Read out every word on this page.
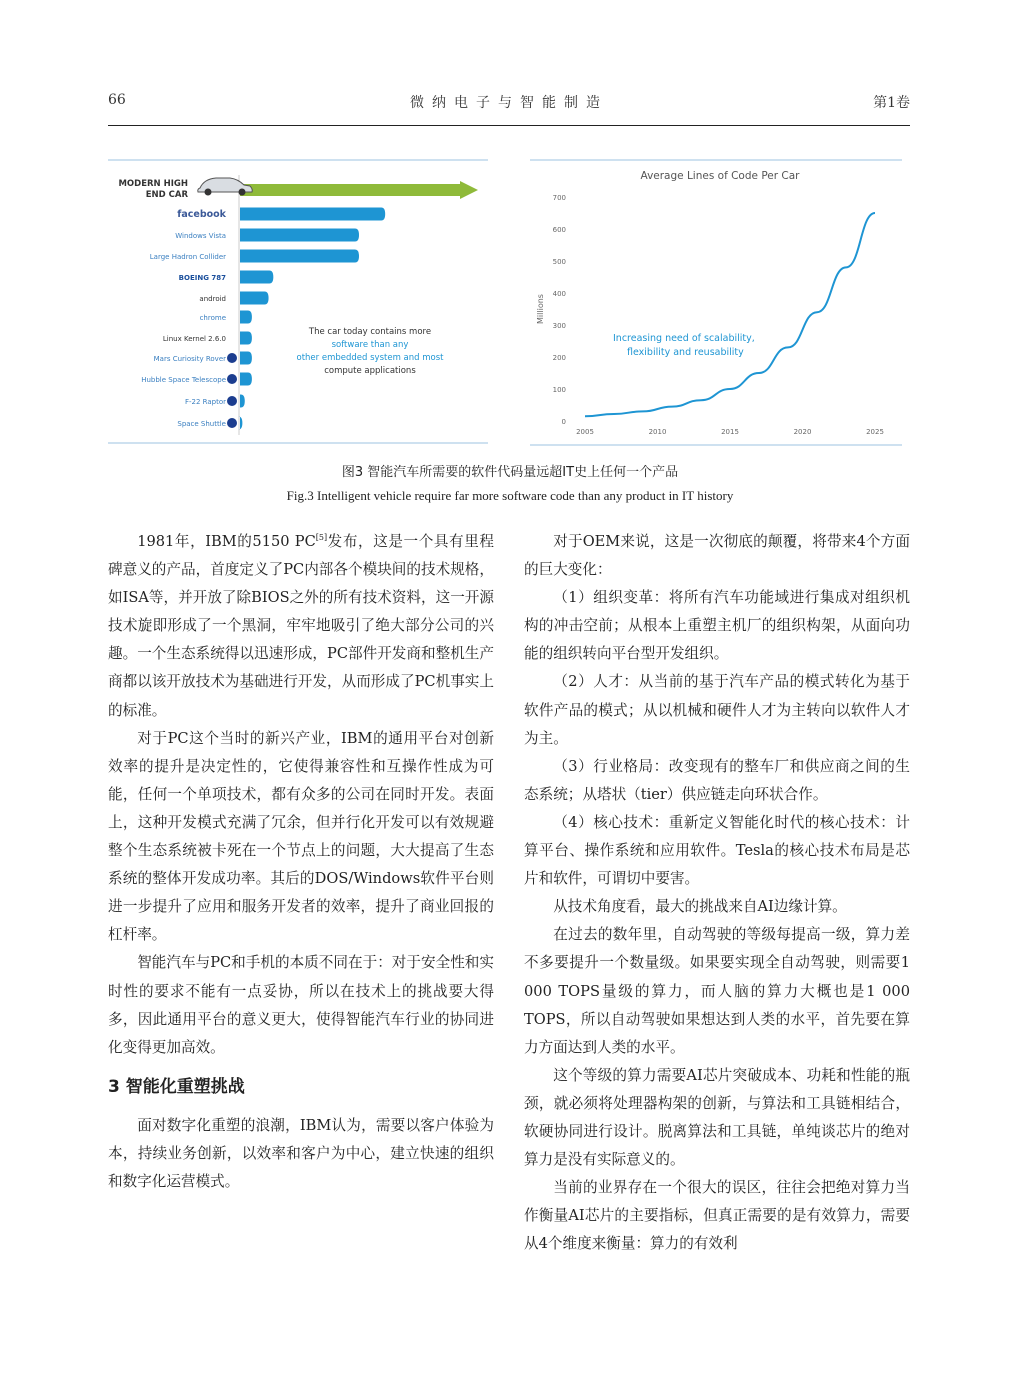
66	微纳电子与智能制造	第1卷
MODERN HIGH
END CAR
facebook
Windows Vista
Large Hadron Collider
BOEING 787
android
chrome
Linux Kernel 2.6.0
Mars Curiosity Rover
Hubble Space Telescope
F-22 Raptor
Space Shuttle
The car today contains more
software than any
other embedded system and most
compute applications
Average Lines of Code Per Car
0
100
200
300
400
500
600
700
2005	2010	2015	2020	2025
Millions
Increasing need of scalability,
flexibility and reusability
图3 智能汽车所需要的软件代码量远超IT史上任何一个产品
Fig.3 Intelligent vehicle require far more software code than any product in IT history

1981年，IBM的5150 PC[5]发布，这是一个具有里程碑意义的产品，首度定义了PC内部各个模块间的技术规格，如ISA等，并开放了除BIOS之外的所有技术资料，这一开源技术旋即形成了一个黑洞，牢牢地吸引了绝大部分公司的兴趣。一个生态系统得以迅速形成，PC部件开发商和整机生产商都以该开放技术为基础进行开发，从而形成了PC机事实上的标准。

对于PC这个当时的新兴产业，IBM的通用平台对创新效率的提升是决定性的，它使得兼容性和互操作性成为可能，任何一个单项技术，都有众多的公司在同时开发。表面上，这种开发模式充满了冗余，但并行化开发可以有效规避整个生态系统被卡死在一个节点上的问题，大大提高了生态系统的整体开发成功率。其后的DOS/Windows软件平台则进一步提升了应用和服务开发者的效率，提升了商业回报的杠杆率。

智能汽车与PC和手机的本质不同在于：对于安全性和实时性的要求不能有一点妥协，所以在技术上的挑战要大得多，因此通用平台的意义更大，使得智能汽车行业的协同进化变得更加高效。

3 智能化重塑挑战

面对数字化重塑的浪潮，IBM认为，需要以客户体验为本，持续业务创新，以效率和客户为中心，建立快速的组织和数字化运营模式。

对于OEM来说，这是一次彻底的颠覆，将带来4个方面的巨大变化：

（1）组织变革：将所有汽车功能域进行集成对组织机构的冲击空前；从根本上重塑主机厂的组织构架，从面向功能的组织转向平台型开发组织。

（2）人才：从当前的基于汽车产品的模式转化为基于软件产品的模式；从以机械和硬件人才为主转向以软件人才为主。

（3）行业格局：改变现有的整车厂和供应商之间的生态系统；从塔状（tier）供应链走向环状合作。

（4）核心技术：重新定义智能化时代的核心技术：计算平台、操作系统和应用软件。Tesla的核心技术布局是芯片和软件，可谓切中要害。

从技术角度看，最大的挑战来自AI边缘计算。

在过去的数年里，自动驾驶的等级每提高一级，算力差不多要提升一个数量级。如果要实现全自动驾驶，则需要1 000 TOPS量级的算力，而人脑的算力大概也是1 000 TOPS，所以自动驾驶如果想达到人类的水平，首先要在算力方面达到人类的水平。

这个等级的算力需要AI芯片突破成本、功耗和性能的瓶颈，就必须将处理器构架的创新，与算法和工具链相结合，软硬协同进行设计。脱离算法和工具链，单纯谈芯片的绝对算力是没有实际意义的。

当前的业界存在一个很大的误区，往往会把绝对算力当作衡量AI芯片的主要指标，但真正需要的是有效算力，需要从4个维度来衡量：算力的有效利
